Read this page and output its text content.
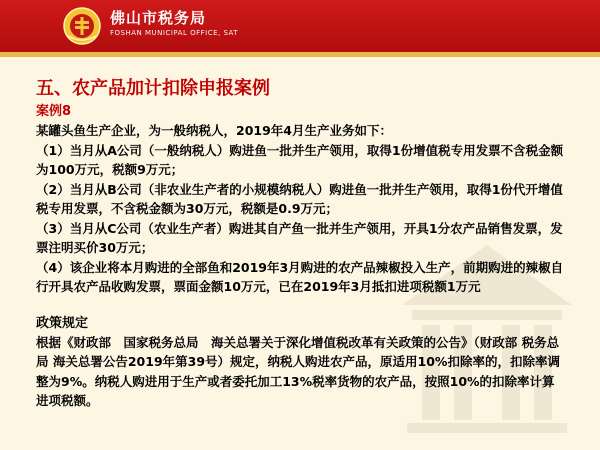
佛山市税务局
FOSHAN MUNICIPAL OFFICE, SAT
五、农产品加计扣除申报案例
案例8

某罐头鱼生产企业，为一般纳税人，2019年4月生产业务如下：

（1）当月从A公司（一般纳税人）购进鱼一批并生产领用，取得1份增值税专用发票不含税金额为100万元，税额9万元；

（2）当月从B公司（非农业生产者的小规模纳税人）购进鱼一批并生产领用，取得1份代开增值税专用发票，不含税金额为30万元，税额是0.9万元；

（3）当月从C公司（农业生产者）购进其自产鱼一批并生产领用，开具1分农产品销售发票，发票注明买价30万元；

（4）该企业将本月购进的全部鱼和2019年3月购进的农产品辣椒投入生产，前期购进的辣椒自行开具农产品收购发票，票面金额10万元，已在2019年3月抵扣进项税额1万元

政策规定

根据《财政部　国家税务总局　海关总署关于深化增值税改革有关政策的公告》（财政部 税务总局 海关总署公告2019年第39号）规定，纳税人购进农产品，原适用10%扣除率的，扣除率调整为9%。纳税人购进用于生产或者委托加工13%税率货物的农产品，按照10%的扣除率计算进项税额。
